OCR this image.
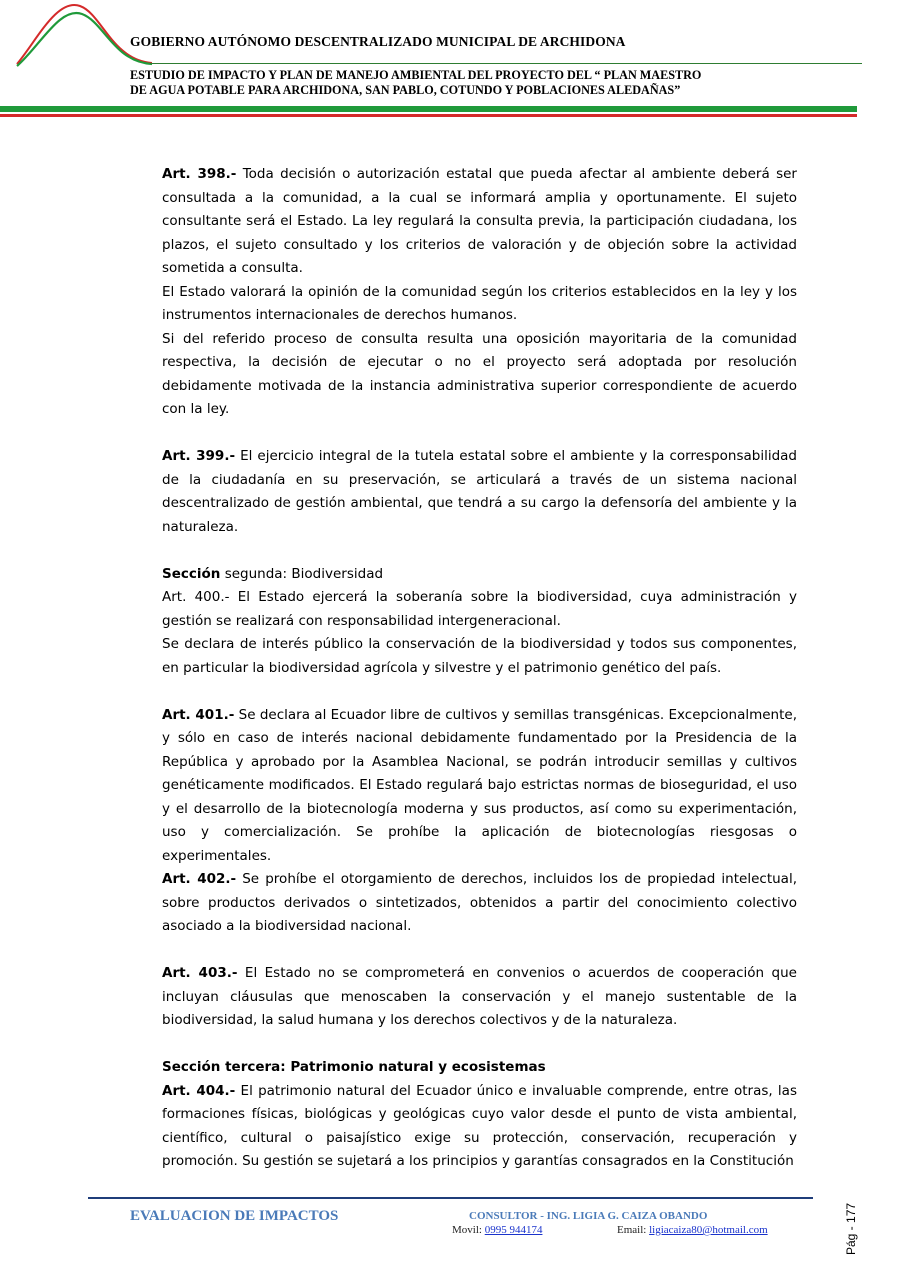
GOBIERNO AUTÓNOMO DESCENTRALIZADO MUNICIPAL DE ARCHIDONA
ESTUDIO DE IMPACTO Y PLAN DE MANEJO AMBIENTAL DEL PROYECTO DEL “ PLAN MAESTRO
DE AGUA POTABLE PARA ARCHIDONA, SAN PABLO, COTUNDO Y POBLACIONES ALEDAÑAS”

Art. 398.- Toda decisión o autorización estatal que pueda afectar al ambiente deberá ser consultada a la comunidad, a la cual se informará amplia y oportunamente. El sujeto consultante será el Estado. La ley regulará la consulta previa, la participación ciudadana, los plazos, el sujeto consultado y los criterios de valoración y de objeción sobre la actividad sometida a consulta.

El Estado valorará la opinión de la comunidad según los criterios establecidos en la ley y los instrumentos internacionales de derechos humanos.

Si del referido proceso de consulta resulta una oposición mayoritaria de la comunidad respectiva, la decisión de ejecutar o no el proyecto será adoptada por resolución debidamente motivada de la instancia administrativa superior correspondiente de acuerdo con la ley.

Art. 399.- El ejercicio integral de la tutela estatal sobre el ambiente y la corresponsabilidad de la ciudadanía en su preservación, se articulará a través de un sistema nacional descentralizado de gestión ambiental, que tendrá a su cargo la defensoría del ambiente y la naturaleza.

Sección segunda: Biodiversidad

Art. 400.- El Estado ejercerá la soberanía sobre la biodiversidad, cuya administración y gestión se realizará con responsabilidad intergeneracional.

Se declara de interés público la conservación de la biodiversidad y todos sus componentes, en particular la biodiversidad agrícola y silvestre y el patrimonio genético del país.

Art. 401.- Se declara al Ecuador libre de cultivos y semillas transgénicas. Excepcionalmente, y sólo en caso de interés nacional debidamente fundamentado por la Presidencia de la República y aprobado por la Asamblea Nacional, se podrán introducir semillas y cultivos genéticamente modificados. El Estado regulará bajo estrictas normas de bioseguridad, el uso y el desarrollo de la biotecnología moderna y sus productos, así como su experimentación, uso y comercialización. Se prohíbe la aplicación de biotecnologías riesgosas o experimentales.

Art. 402.- Se prohíbe el otorgamiento de derechos, incluidos los de propiedad intelectual, sobre productos derivados o sintetizados, obtenidos a partir del conocimiento colectivo asociado a la biodiversidad nacional.

Art. 403.- El Estado no se comprometerá en convenios o acuerdos de cooperación que incluyan cláusulas que menoscaben la conservación y el manejo sustentable de la biodiversidad, la salud humana y los derechos colectivos y de la naturaleza.

Sección tercera: Patrimonio natural y ecosistemas

Art. 404.- El patrimonio natural del Ecuador único e invaluable comprende, entre otras, las formaciones físicas, biológicas y geológicas cuyo valor desde el punto de vista ambiental, científico, cultural o paisajístico exige su protección, conservación, recuperación y promoción. Su gestión se sujetará a los principios y garantías consagrados en la Constitución

EVALUACION DE IMPACTOS	CONSULTOR - ING. LIGIA G. CAIZA OBANDO
Movil: 0995 944174	Email: ligiacaiza80@hotmail.com	Pág - 177
